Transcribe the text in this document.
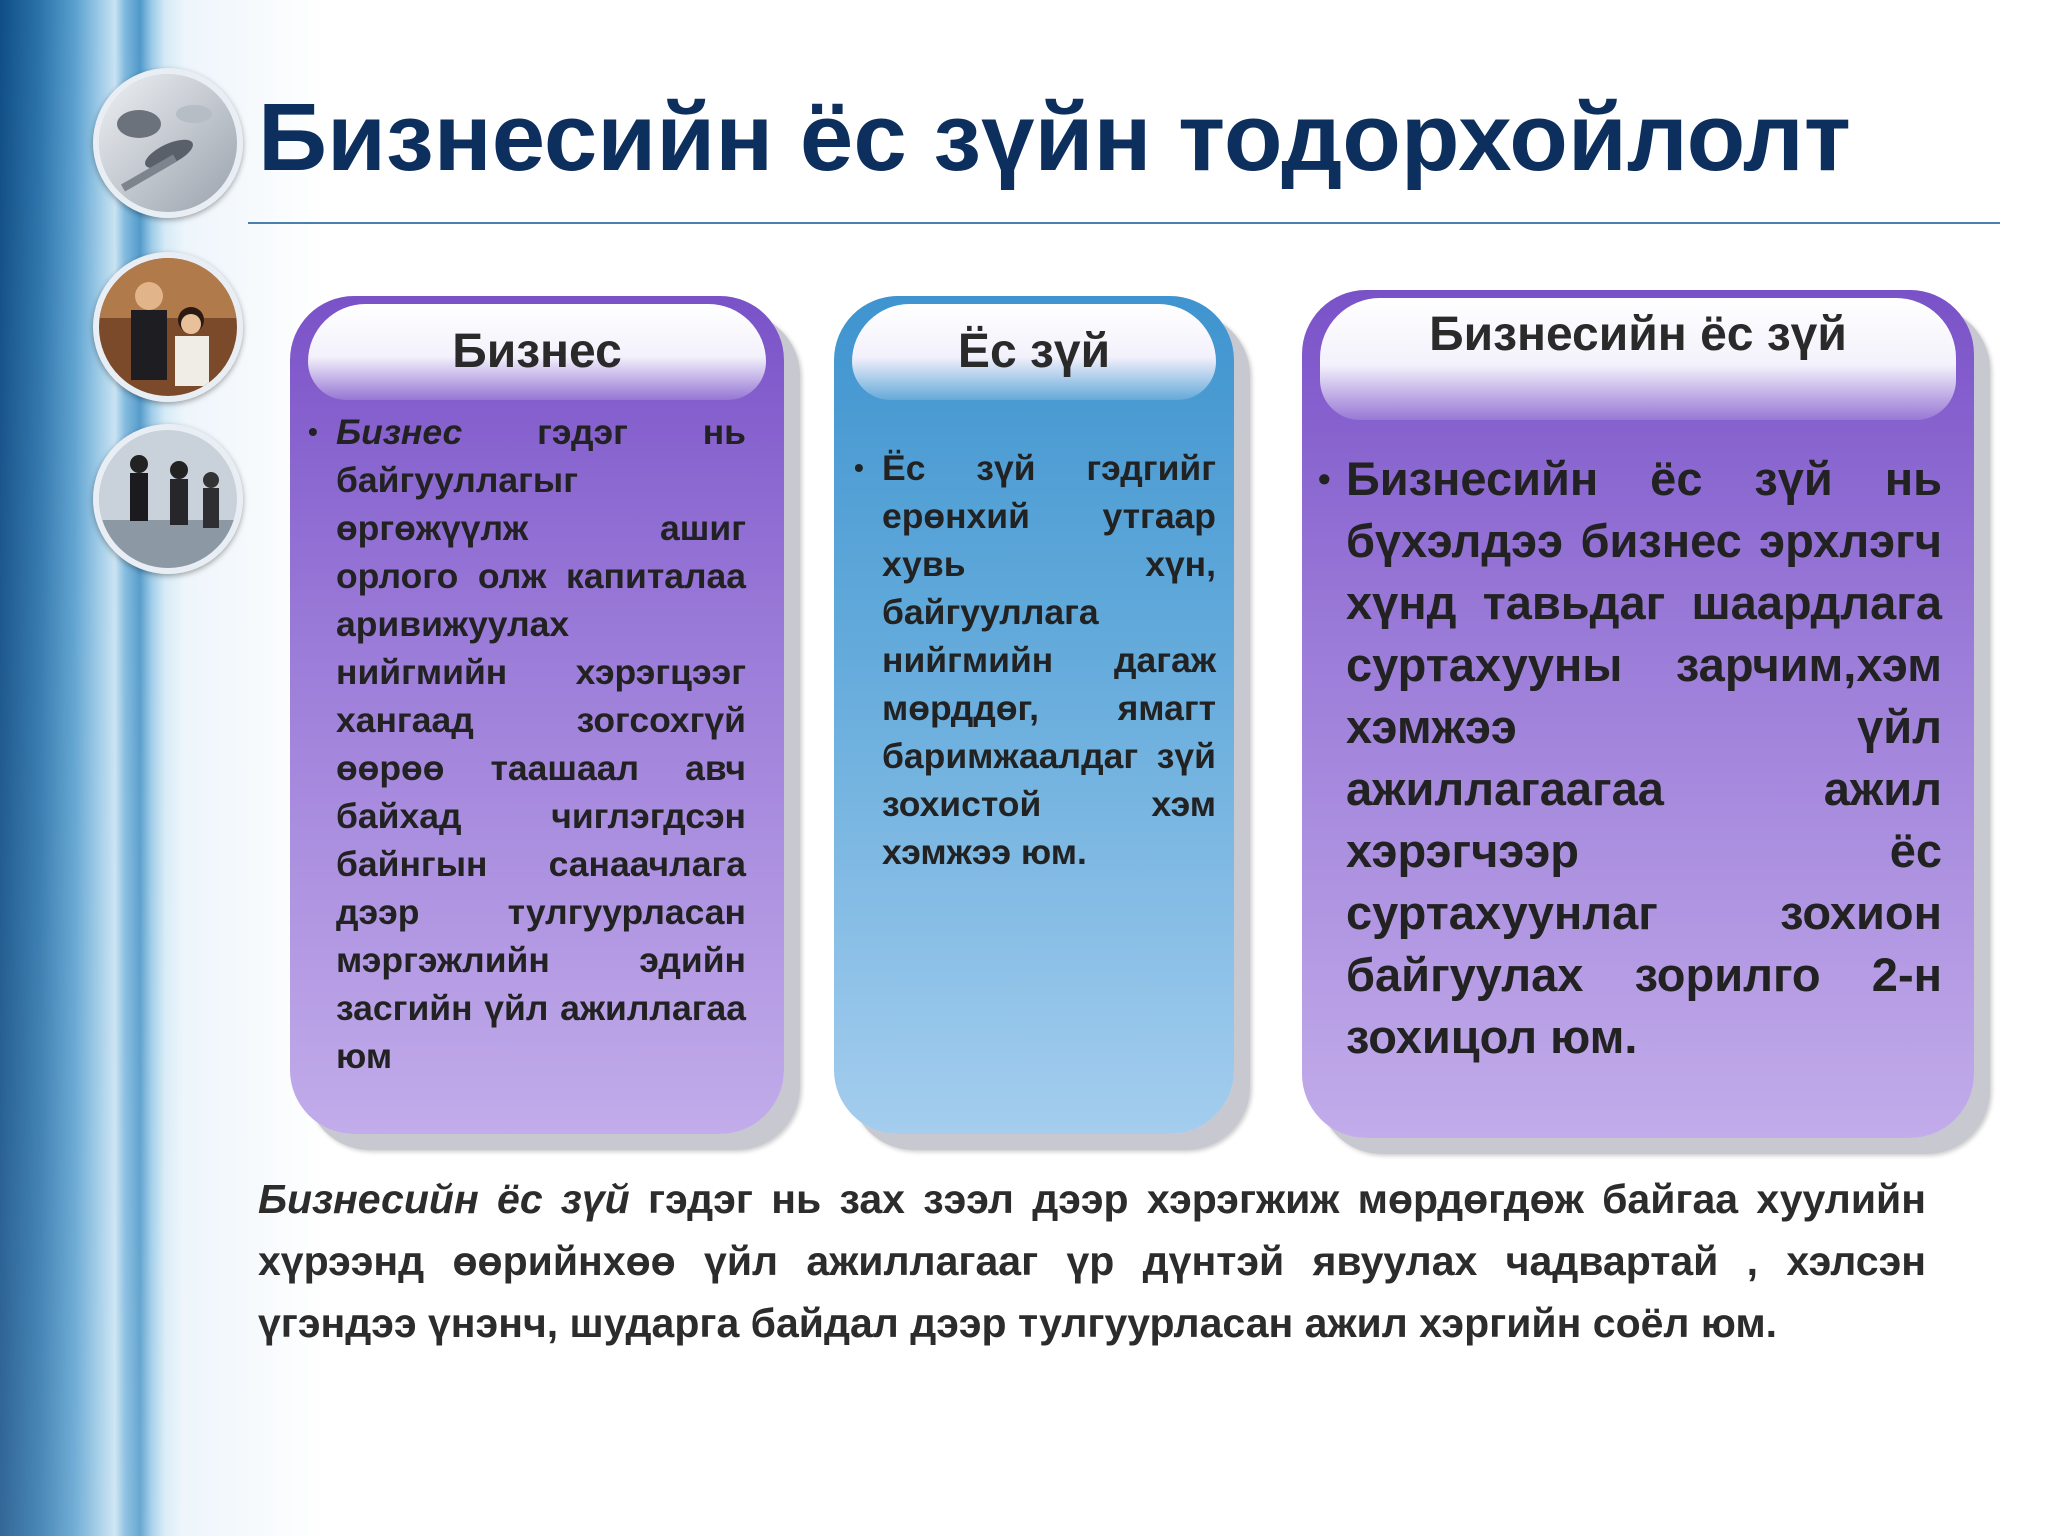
Бизнесийн ёс зүйн тодорхойлолт
Бизнес
• Бизнес гэдэг нь байгууллагыг өргөжүүлж ашиг орлого олж капиталаа аривижуулах нийгмийн хэрэгцээг хангаад зогсохгүй өөрөө таашаал авч байхад чиглэгдсэн байнгын санаачлага дээр тулгуурласан мэргэжлийн эдийн засгийн үйл ажиллагаа юм
Ёс зүй
• Ёс зүй гэдгийг ерөнхий утгаар хувь хүн, байгууллага нийгмийн дагаж мөрддөг, ямагт баримжаалдаг зүй зохистой хэм хэмжээ юм.
Бизнесийн ёс зүй
• Бизнесийн ёс зүй нь бүхэлдээ бизнес эрхлэгч хүнд тавьдаг шаардлага суртахууны зарчим,хэм хэмжээ үйл ажиллагаагаа ажил хэрэгчээр ёс суртахуунлаг зохион байгуулах зорилго 2-н зохицол юм.
Бизнесийн ёс зүй гэдэг нь зах зээл дээр хэрэгжиж мөрдөгдөж байгаа хуулийн хүрээнд өөрийнхөө үйл ажиллагааг үр дүнтэй явуулах чадвартай , хэлсэн үгэндээ үнэнч, шударга байдал дээр тулгуурласан ажил хэргийн соёл юм.
